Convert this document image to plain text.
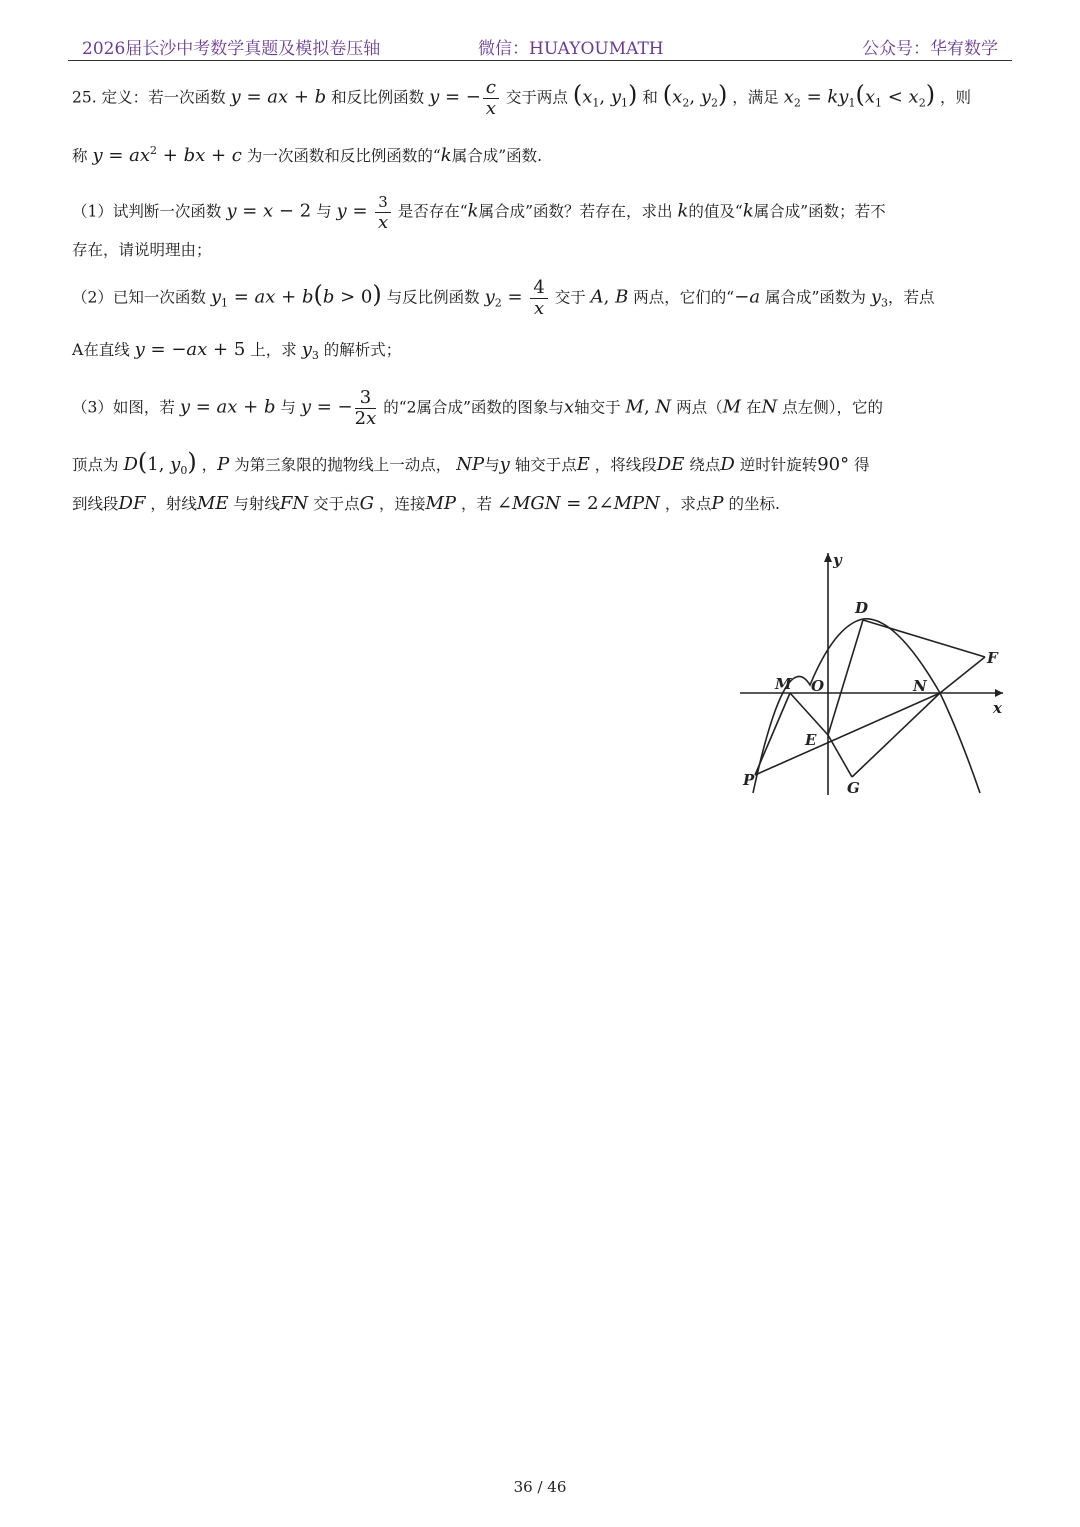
2026届长沙中考数学真题及模拟卷压轴	微信：HUAYOUMATH	公众号：华宥数学
25. 定义：若一次函数 y = ax + b 和反比例函数 y = − $\frac{c}{x}$ 交于两点 ($x_1$, $y_1$) 和 ($x_2$, $y_2$) ，满足 $x_2 = ky_1(x_1 < x_2)$ ，则
称 $y = ax^2$ + bx + c 为一次函数和反比例函数的“k属合成”函数.
（1）试判断一次函数 y = x − 2 与 $y = \frac{3}{x}$ 是否存在“k属合成”函数？若存在，求出 k的值及“k属合成”函数；若不
存在，请说明理由；
（2）已知一次函数 $y_1$ = ax + b(b > 0) 与反比例函数 $y_2 = \frac{4}{x}$ 交于 A, B 两点，它们的“−a 属合成”函数为 $y_3$，若点
A在直线 y = −ax + 5 上，求 $y_3$ 的解析式；
（3）如图，若 y = ax + b 与 y = − $\frac{3}{2x}$ 的“2属合成”函数的图象与x轴交于 M, N 两点（M 在N 点左侧），它的
顶点为 D(1, $y_0$) ，P 为第三象限的抛物线上一动点， NP与y 轴交于点E ，将线段DE 绕点D 逆时针旋转90° 得
到线段DF ，射线ME 与射线FN 交于点G ，连接MP ，若 ∠MGN = 2∠MPN ，求点P 的坐标.
y
x
D
F
M O	N
E
P	G
36 / 46
